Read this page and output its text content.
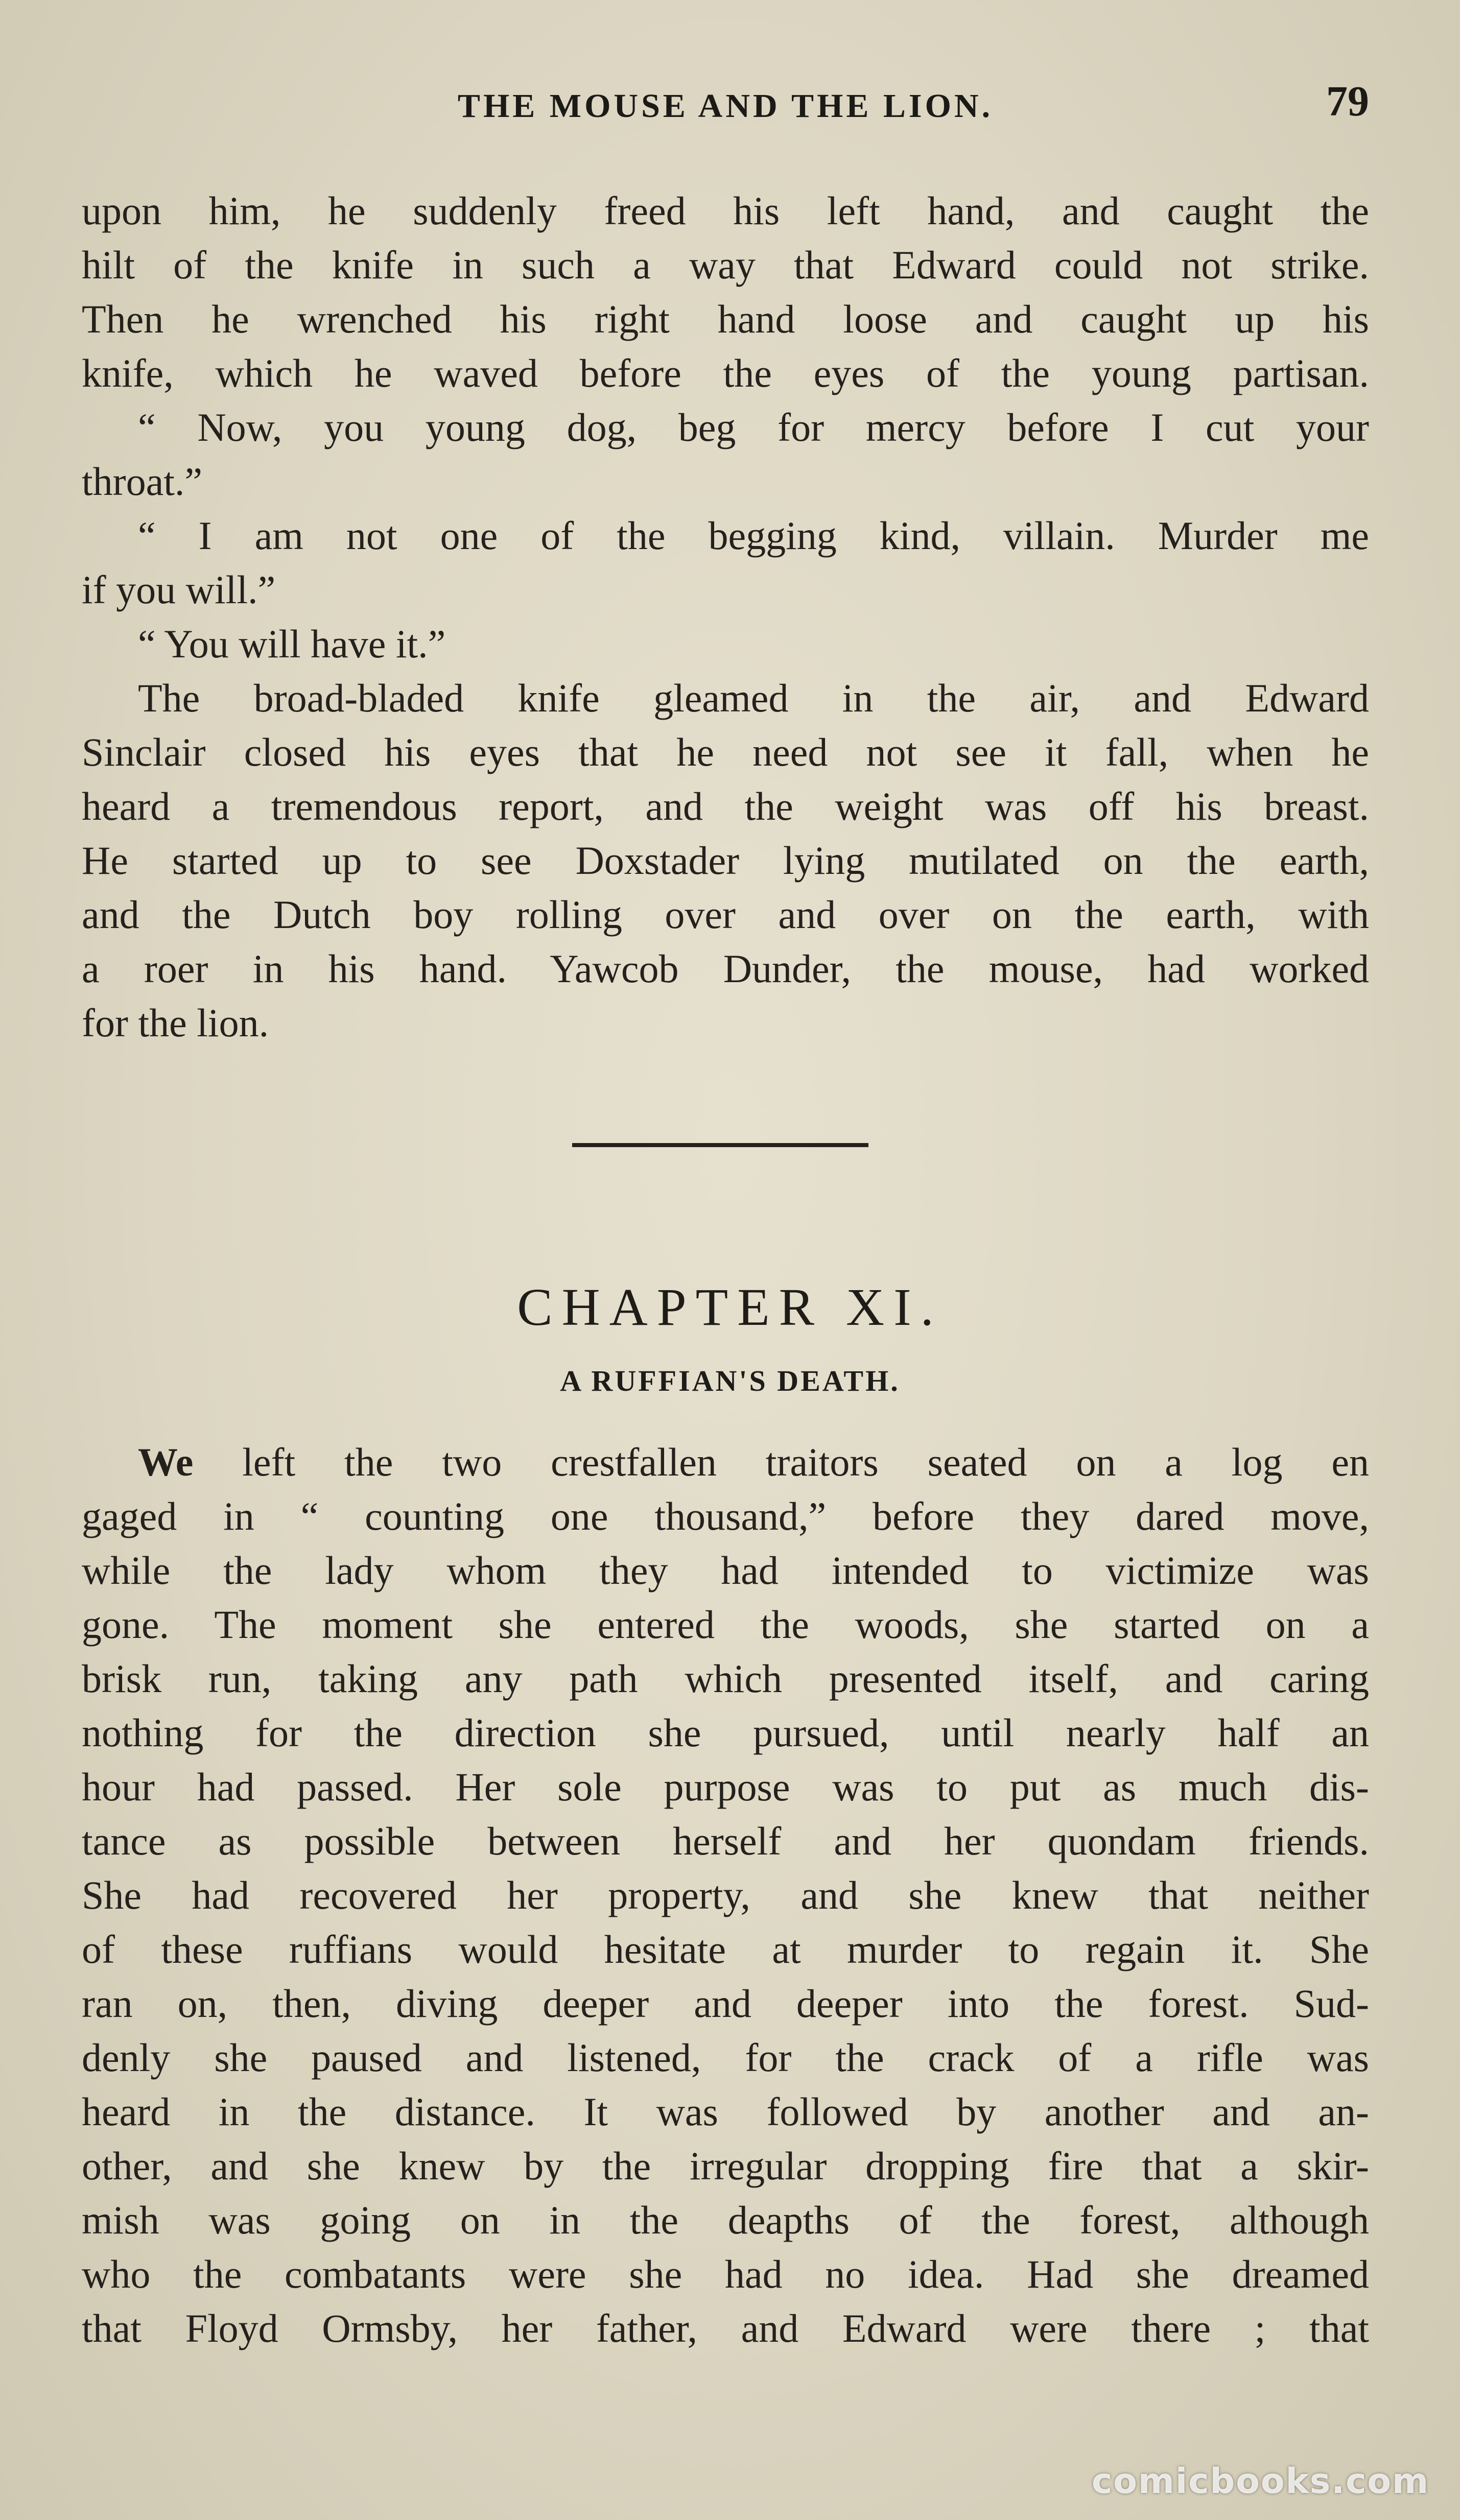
THE MOUSE AND THE LION.	79
upon him, he suddenly freed his left hand, and caught the
hilt of the knife in such a way that Edward could not strike.
Then he wrenched his right hand loose and caught up his
knife, which he waved before the eyes of the young partisan.
“ Now, you young dog, beg for mercy before I cut your
throat.”
“ I am not one of the begging kind, villain. Murder me
if you will.”
“ You will have it.”
The broad-bladed knife gleamed in the air, and Edward
Sinclair closed his eyes that he need not see it fall, when he
heard a tremendous report, and the weight was off his breast.
He started up to see Doxstader lying mutilated on the earth,
and the Dutch boy rolling over and over on the earth, with
a roer in his hand. Yawcob Dunder, the mouse, had worked
for the lion.
CHAPTER XI.
A RUFFIAN'S DEATH.
We left the two crestfallen traitors seated on a log en
gaged in “ counting one thousand,” before they dared move,
while the lady whom they had intended to victimize was
gone. The moment she entered the woods, she started on a
brisk run, taking any path which presented itself, and caring
nothing for the direction she pursued, until nearly half an
hour had passed. Her sole purpose was to put as much dis-
tance as possible between herself and her quondam friends.
She had recovered her property, and she knew that neither
of these ruffians would hesitate at murder to regain it. She
ran on, then, diving deeper and deeper into the forest. Sud-
denly she paused and listened, for the crack of a rifle was
heard in the distance. It was followed by another and an-
other, and she knew by the irregular dropping fire that a skir-
mish was going on in the deapths of the forest, although
who the combatants were she had no idea. Had she dreamed
that Floyd Ormsby, her father, and Edward were there ; that
comicbooks.com
